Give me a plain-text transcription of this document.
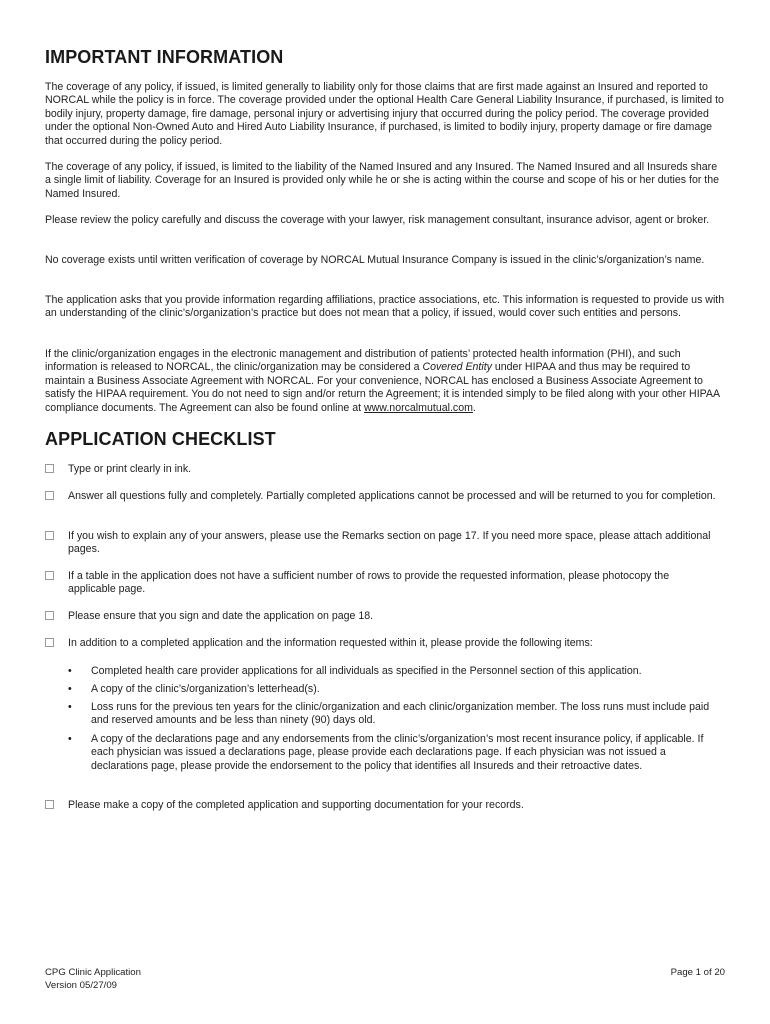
IMPORTANT INFORMATION

The coverage of any policy, if issued, is limited generally to liability only for those claims that are first made against an Insured and reported to NORCAL while the policy is in force. The coverage provided under the optional Health Care General Liability Insurance, if purchased, is limited to bodily injury, property damage, fire damage, personal injury or advertising injury that occurred during the policy period. The coverage provided under the optional Non-Owned Auto and Hired Auto Liability Insurance, if purchased, is limited to bodily injury, property damage or fire damage that occurred during the policy period.

The coverage of any policy, if issued, is limited to the liability of the Named Insured and any Insured. The Named Insured and all Insureds share a single limit of liability. Coverage for an Insured is provided only while he or she is acting within the course and scope of his or her duties for the Named Insured.

Please review the policy carefully and discuss the coverage with your lawyer, risk management consultant, insurance advisor, agent or broker.

No coverage exists until written verification of coverage by NORCAL Mutual Insurance Company is issued in the clinic’s/organization’s name.

The application asks that you provide information regarding affiliations, practice associations, etc. This information is requested to provide us with an understanding of the clinic’s/organization’s practice but does not mean that a policy, if issued, would cover such entities and persons.

If the clinic/organization engages in the electronic management and distribution of patients’ protected health information (PHI), and such information is released to NORCAL, the clinic/organization may be considered a Covered Entity under HIPAA and thus may be required to maintain a Business Associate Agreement with NORCAL. For your convenience, NORCAL has enclosed a Business Associate Agreement to satisfy the HIPAA requirement. You do not need to sign and/or return the Agreement; it is intended simply to be filed along with your other HIPAA compliance documents. The Agreement can also be found online at www.norcalmutual.com.

APPLICATION CHECKLIST
Type or print clearly in ink.
Answer all questions fully and completely. Partially completed applications cannot be processed and will be returned to you for completion.
If you wish to explain any of your answers, please use the Remarks section on page 17. If you need more space, please attach additional pages.
If a table in the application does not have a sufficient number of rows to provide the requested information, please photocopy the applicable page.
Please ensure that you sign and date the application on page 18.
In addition to a completed application and the information requested within it, please provide the following items:
• Completed health care provider applications for all individuals as specified in the Personnel section of this application.
• A copy of the clinic’s/organization’s letterhead(s).
• Loss runs for the previous ten years for the clinic/organization and each clinic/organization member. The loss runs must include paid and reserved amounts and be less than ninety (90) days old.
• A copy of the declarations page and any endorsements from the clinic’s/organization’s most recent insurance policy, if applicable. If each physician was issued a declarations page, please provide each declarations page. If each physician was not issued a declarations page, please provide the endorsement to the policy that identifies all Insureds and their retroactive dates.
Please make a copy of the completed application and supporting documentation for your records.
CPG Clinic Application
Version 05/27/09
Page 1 of 20
